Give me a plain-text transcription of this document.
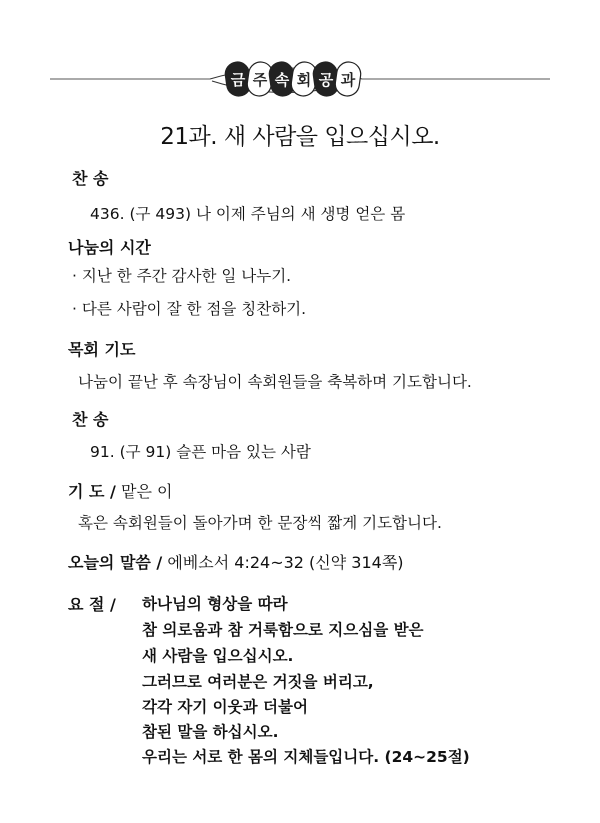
금 주 속 회 공 과
21과. 새 사람을 입으십시오.
찬 송
436. (구 493) 나 이제 주님의 새 생명 얻은 몸
나눔의 시간
· 지난 한 주간 감사한 일 나누기.
· 다른 사람이 잘 한 점을 칭찬하기.
목회 기도
나눔이 끝난 후 속장님이 속회원들을 축복하며 기도합니다.
찬 송
91. (구 91) 슬픈 마음 있는 사람
기 도 / 맡은 이
혹은 속회원들이 돌아가며 한 문장씩 짧게 기도합니다.
오늘의 말씀 / 에베소서 4:24~32 (신약 314쪽)
요 절 / 하나님의 형상을 따라
참 의로움과 참 거룩함으로 지으심을 받은
새 사람을 입으십시오.
그러므로 여러분은 거짓을 버리고,
각각 자기 이웃과 더불어
참된 말을 하십시오.
우리는 서로 한 몸의 지체들입니다. (24~25절)
